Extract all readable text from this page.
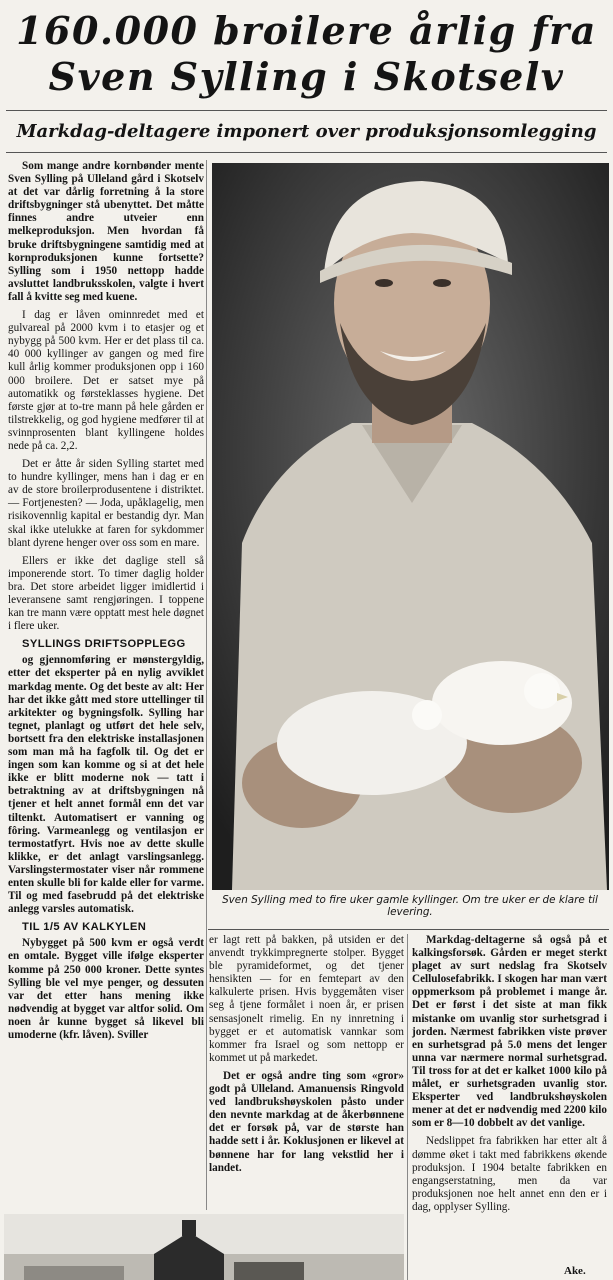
160.000 broilere årlig fra
Sven Sylling i Skotselv
Markdag-deltagere imponert over produksjonsomlegging

Som mange andre kornbønder mente Sven Sylling på Ulleland gård i Skotselv at det var dårlig forretning å la store driftsbygninger stå ubenyttet. Det måtte finnes andre utveier enn melkeproduksjon. Men hvordan få bruke driftsbygningene samtidig med at kornproduksjonen kunne fortsette? Sylling som i 1950 nettopp hadde avsluttet landbruksskolen, valgte i hvert fall å kvitte seg med kuene.

I dag er låven ominnredet med et gulvareal på 2000 kvm i to etasjer og et nybygg på 500 kvm. Her er det plass til ca. 40 000 kyllinger av gangen og med fire kull årlig kommer produksjonen opp i 160 000 broilere. Det er satset mye på automatikk og førsteklasses hygiene. Det første gjør at to-tre mann på hele gården er tilstrekkelig, og god hygiene medfører til at svinnprosenten blant kyllingene holdes nede på ca. 2,2.

Det er åtte år siden Sylling startet med to hundre kyllinger, mens han i dag er en av de store broilerprodusentene i distriktet. — Fortjenesten? — Joda, upåklagelig, men risikovennlig kapital er bestandig dyr. Man skal ikke utelukke at faren for sykdommer blant dyrene henger over oss som en mare.

Ellers er ikke det daglige stell så imponerende stort. To timer daglig holder bra. Det store arbeidet ligger imidlertid i leveransene samt rengjøringen. I toppene kan tre mann være opptatt mest hele døgnet i flere uker.

SYLLINGS DRIFTSOPPLEGG

og gjennomføring er mønstergyldig, etter det eksperter på en nylig avviklet markdag mente. Og det beste av alt: Her har det ikke gått med store uttellinger til arkitekter og bygningsfolk. Sylling har tegnet, planlagt og utført det hele selv, bortsett fra den elektriske installasjonen som man må ha fagfolk til. Og det er ingen som kan komme og si at det hele ikke er blitt moderne nok — tatt i betraktning av at driftsbygningen nå tjener et helt annet formål enn det var tiltenkt. Automatisert er vanning og fôring. Varmeanlegg og ventilasjon er termostatfyrt. Hvis noe av dette skulle klikke, er det anlagt varslingsanlegg. Varslingstermostater viser når rommene enten skulle bli for kalde eller for varme. Til og med fasebrudd på det elektriske anlegg varsles automatisk.

TIL 1/5 AV KALKYLEN

Nybygget på 500 kvm er også verdt en omtale. Bygget ville ifølge eksperter komme på 250 000 kroner. Dette syntes Sylling ble vel mye penger, og dessuten var det etter hans mening ikke nødvendig at bygget var altfor solid. Om noen år kunne bygget så likevel bli umoderne (kfr. låven). Sviller

Sven Sylling med to fire uker gamle kyllinger. Om tre uker er de klare til levering.

er lagt rett på bakken, på utsiden er det anvendt trykkimpregnerte stolper. Bygget ble pyramideformet, og det tjener hensikten — for en femtepart av den kalkulerte prisen. Hvis byggemåten viser seg å tjene formålet i noen år, er prisen sensasjonelt rimelig. En ny innretning i bygget er et automatisk vannkar som kommer fra Israel og som nettopp er kommet ut på markedet.

Det er også andre ting som «gror» godt på Ulleland. Amanuensis Ringvold ved landbrukshøyskolen påsto under den nevnte markdag at de åkerbønnene det er forsøk på, var de største han hadde sett i år. Koklusjonen er likevel at bønnene har for lang vekstlid her i landet.

Markdag-deltagerne så også på et kalkingsforsøk. Gården er meget sterkt plaget av surt nedslag fra Skotselv Cellulosefabrikk. I skogen har man vært oppmerksom på problemet i mange år. Det er først i det siste at man fikk mistanke om uvanlig stor surhetsgrad i jorden. Nærmest fabrikken viste prøver en surhetsgrad på 5.0 mens det lenger unna var nærmere normal surhetsgrad. Til tross for at det er kalket 1000 kilo på målet, er surhetsgraden uvanlig stor. Eksperter ved landbrukshøyskolen mener at det er nødvendig med 2200 kilo som er 8—10 dobbelt av det vanlige.

Nedslippet fra fabrikken har etter alt å dømme øket i takt med fabrikkens økende produksjon. I 1904 betalte fabrikken en engangserstatning, men da var produksjonen noe helt annet enn den er i dag, opplyser Sylling.

Ake.
